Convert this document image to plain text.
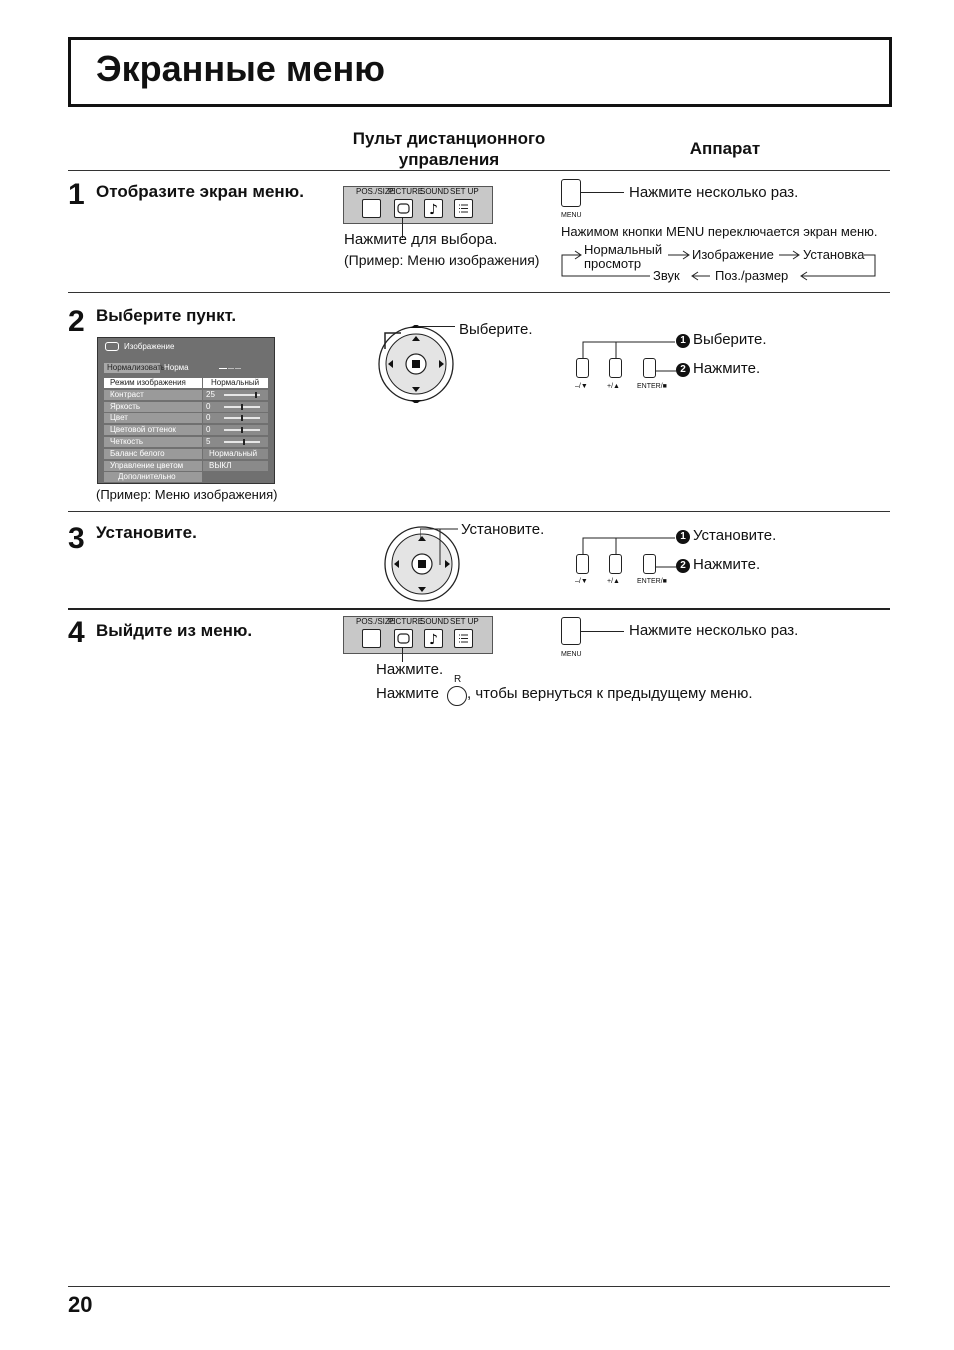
Экранные меню
Пульт дистанционного управления
Аппарат
1 Отобразите экран меню.	POS./SIZE
PICTURE
SOUND SET UP
♪
Нажмите для выбора.
(Пример: Меню изображения)
MENU
Нажмите несколько раз.
Нажимом кнопки MENU переключается экран меню.
Нормальный
просмотр
Изображение Установка
Звук	Поз./размер
2 Выберите пункт.
Изображение
Нормализовать
Норма
Режим изображения	Нормальный
Контраст	25
Яркость	0
Цвет	0
Цветовой оттенок	0
Четкость	5
Баланс белого	Нормальный
Управление цветом	ВЫКЛ
Дополнительно
(Пример: Меню изображения)
Выберите.
–/▼	+/▲ ENTER/■
1 Выберите.
2 Нажмите.
3 Установите.	Установите.
–/▼	+/▲ ENTER/■
1 Установите.
2 Нажмите.
4 Выйдите из меню.	POS./SIZE
PICTURE
SOUND SET UP
♪
Нажмите.
R
Нажмите , чтобы вернуться к предыдущему меню.
MENU
Нажмите несколько раз.
20
